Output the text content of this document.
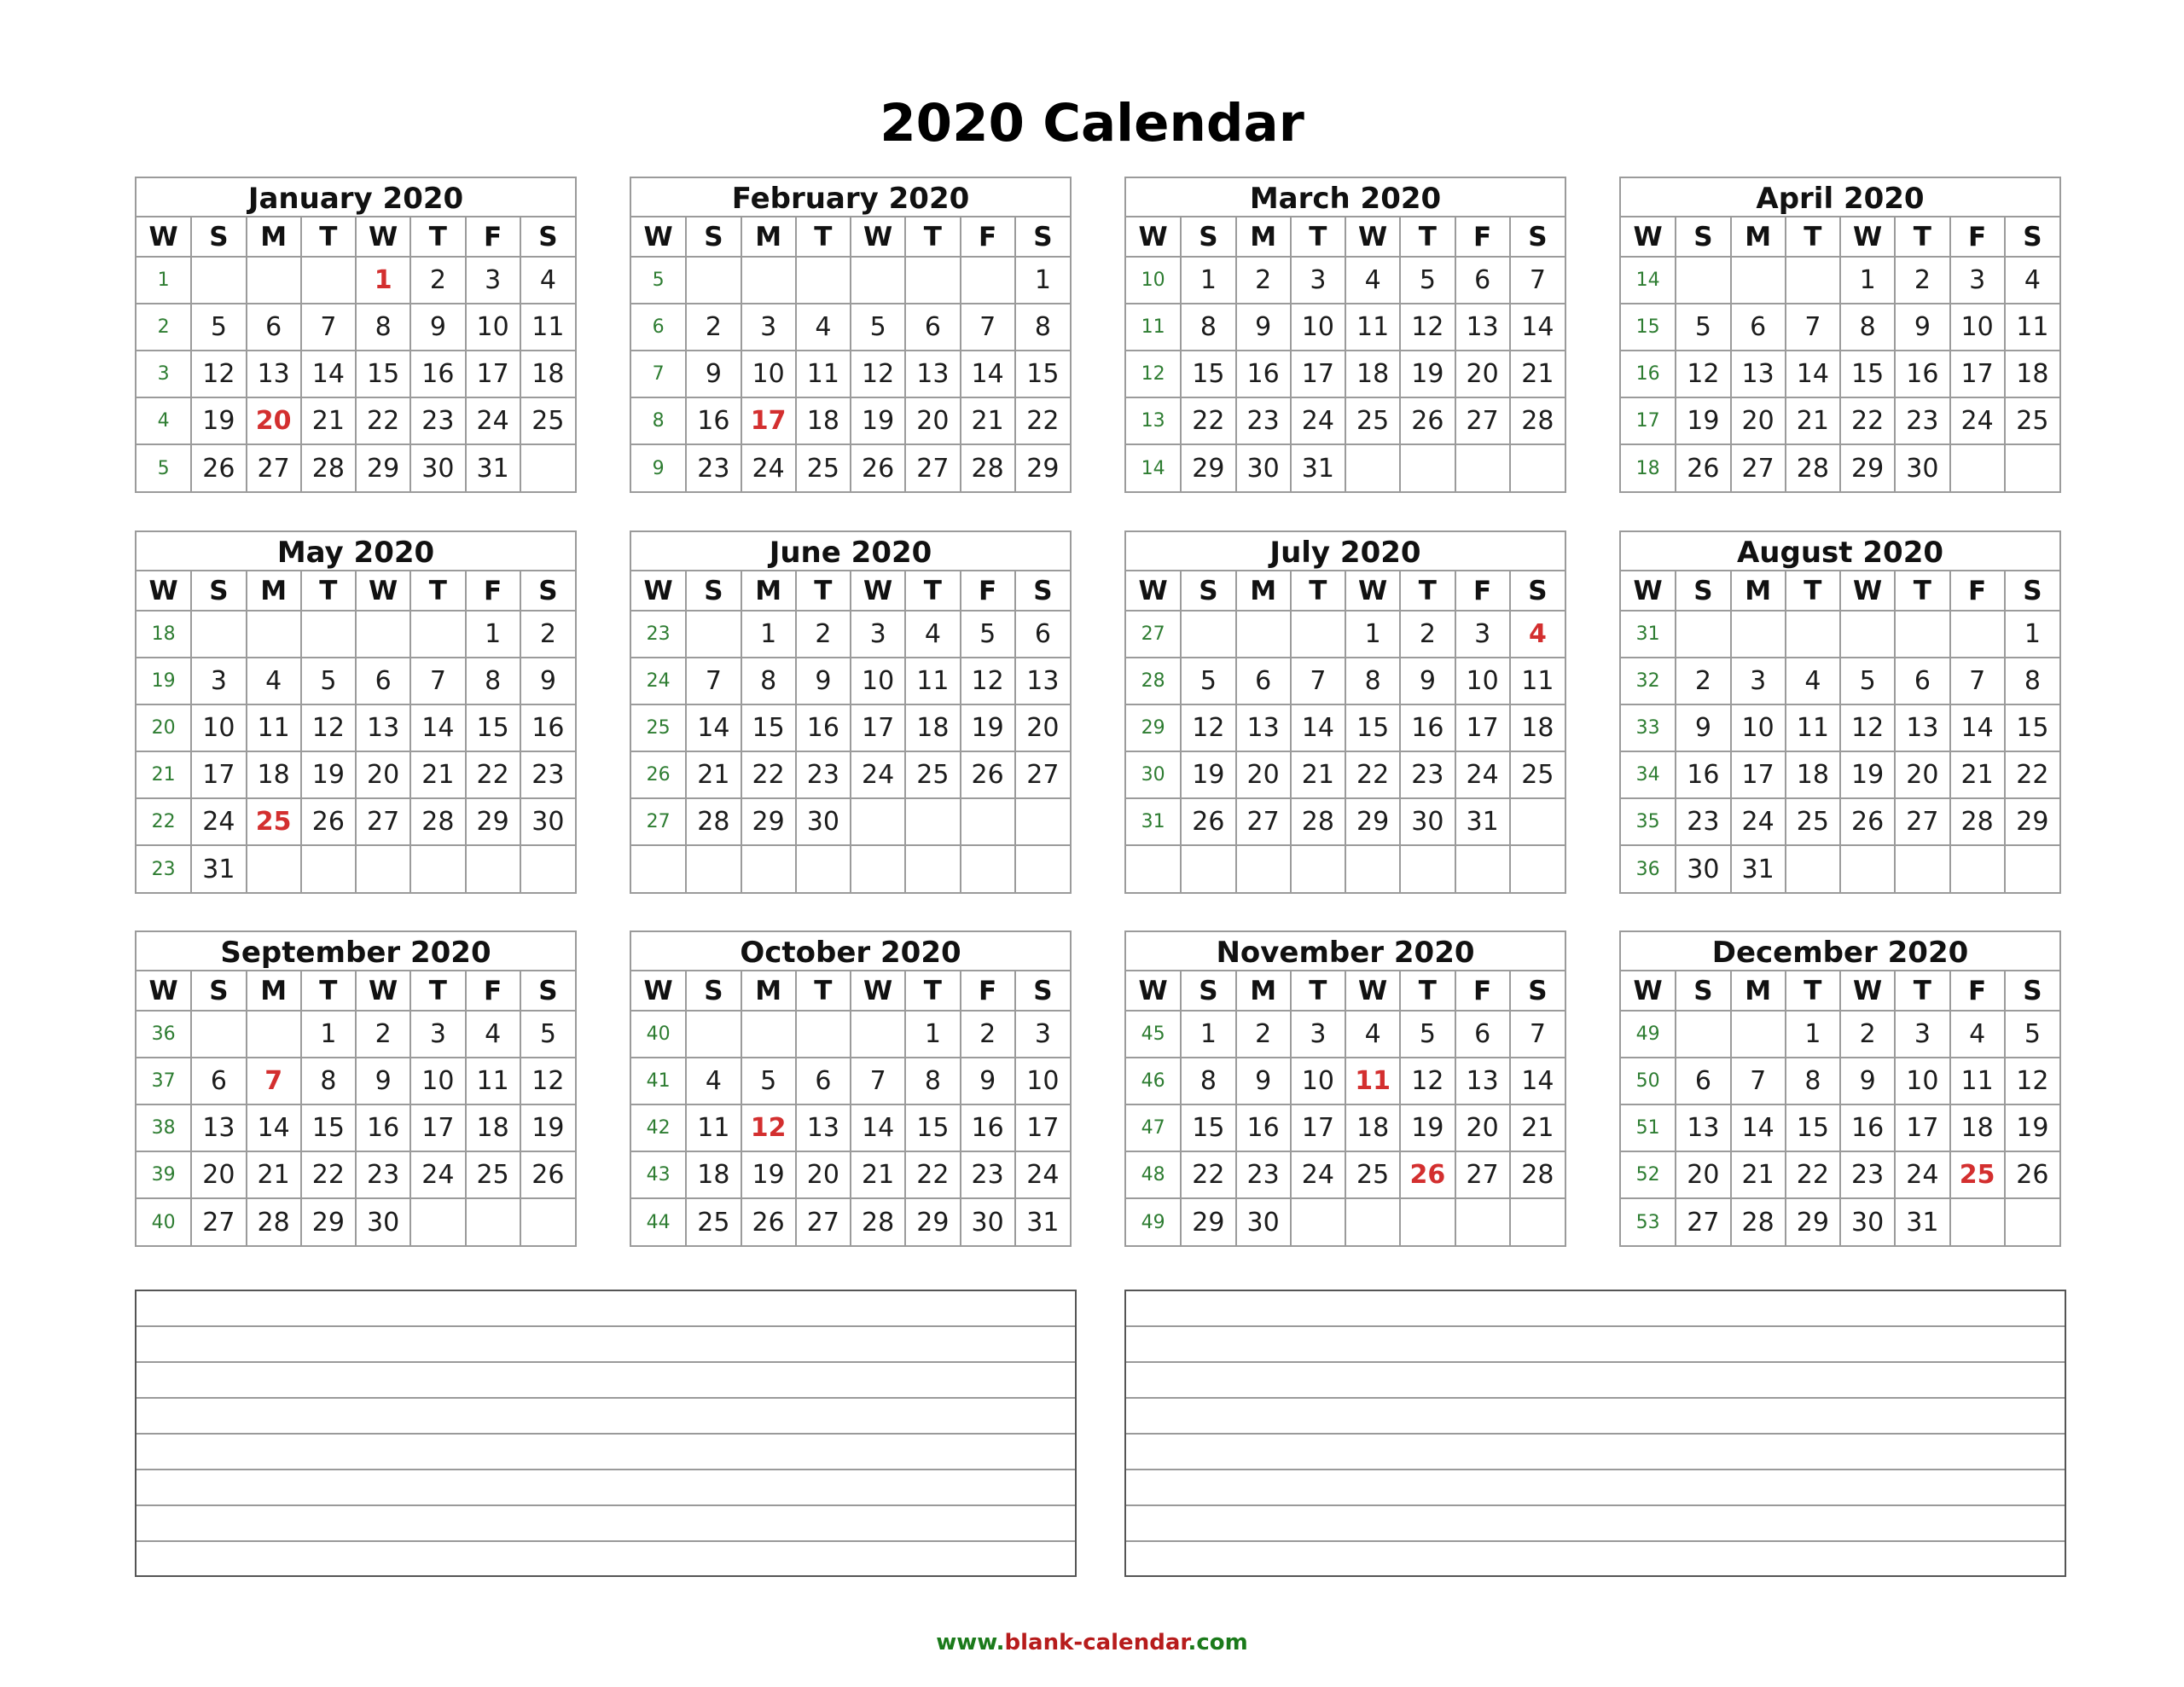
2020 Calendar
January 2020
W	S	M	T	W	T	F	S
1				1	2	3	4
2	5	6	7	8	9	10	11
3	12	13	14	15	16	17	18
4	19	20	21	22	23	24	25
5	26	27	28	29	30	31	
February 2020
W	S	M	T	W	T	F	S
5							1
6	2	3	4	5	6	7	8
7	9	10	11	12	13	14	15
8	16	17	18	19	20	21	22
9	23	24	25	26	27	28	29
March 2020
W	S	M	T	W	T	F	S
10	1	2	3	4	5	6	7
11	8	9	10	11	12	13	14
12	15	16	17	18	19	20	21
13	22	23	24	25	26	27	28
14	29	30	31				
April 2020
W	S	M	T	W	T	F	S
14				1	2	3	4
15	5	6	7	8	9	10	11
16	12	13	14	15	16	17	18
17	19	20	21	22	23	24	25
18	26	27	28	29	30		
May 2020
W	S	M	T	W	T	F	S
18						1	2
19	3	4	5	6	7	8	9
20	10	11	12	13	14	15	16
21	17	18	19	20	21	22	23
22	24	25	26	27	28	29	30
23	31						
June 2020
W	S	M	T	W	T	F	S
23		1	2	3	4	5	6
24	7	8	9	10	11	12	13
25	14	15	16	17	18	19	20
26	21	22	23	24	25	26	27
27	28	29	30				

July 2020
W	S	M	T	W	T	F	S
27				1	2	3	4
28	5	6	7	8	9	10	11
29	12	13	14	15	16	17	18
30	19	20	21	22	23	24	25
31	26	27	28	29	30	31	

August 2020
W	S	M	T	W	T	F	S
31							1
32	2	3	4	5	6	7	8
33	9	10	11	12	13	14	15
34	16	17	18	19	20	21	22
35	23	24	25	26	27	28	29
36	30	31					
September 2020
W	S	M	T	W	T	F	S
36			1	2	3	4	5
37	6	7	8	9	10	11	12
38	13	14	15	16	17	18	19
39	20	21	22	23	24	25	26
40	27	28	29	30			
October 2020
W	S	M	T	W	T	F	S
40					1	2	3
41	4	5	6	7	8	9	10
42	11	12	13	14	15	16	17
43	18	19	20	21	22	23	24
44	25	26	27	28	29	30	31
November 2020
W	S	M	T	W	T	F	S
45	1	2	3	4	5	6	7
46	8	9	10	11	12	13	14
47	15	16	17	18	19	20	21
48	22	23	24	25	26	27	28
49	29	30					
December 2020
W	S	M	T	W	T	F	S
49			1	2	3	4	5
50	6	7	8	9	10	11	12
51	13	14	15	16	17	18	19
52	20	21	22	23	24	25	26
53	27	28	29	30	31		
www.blank-calendar.com
